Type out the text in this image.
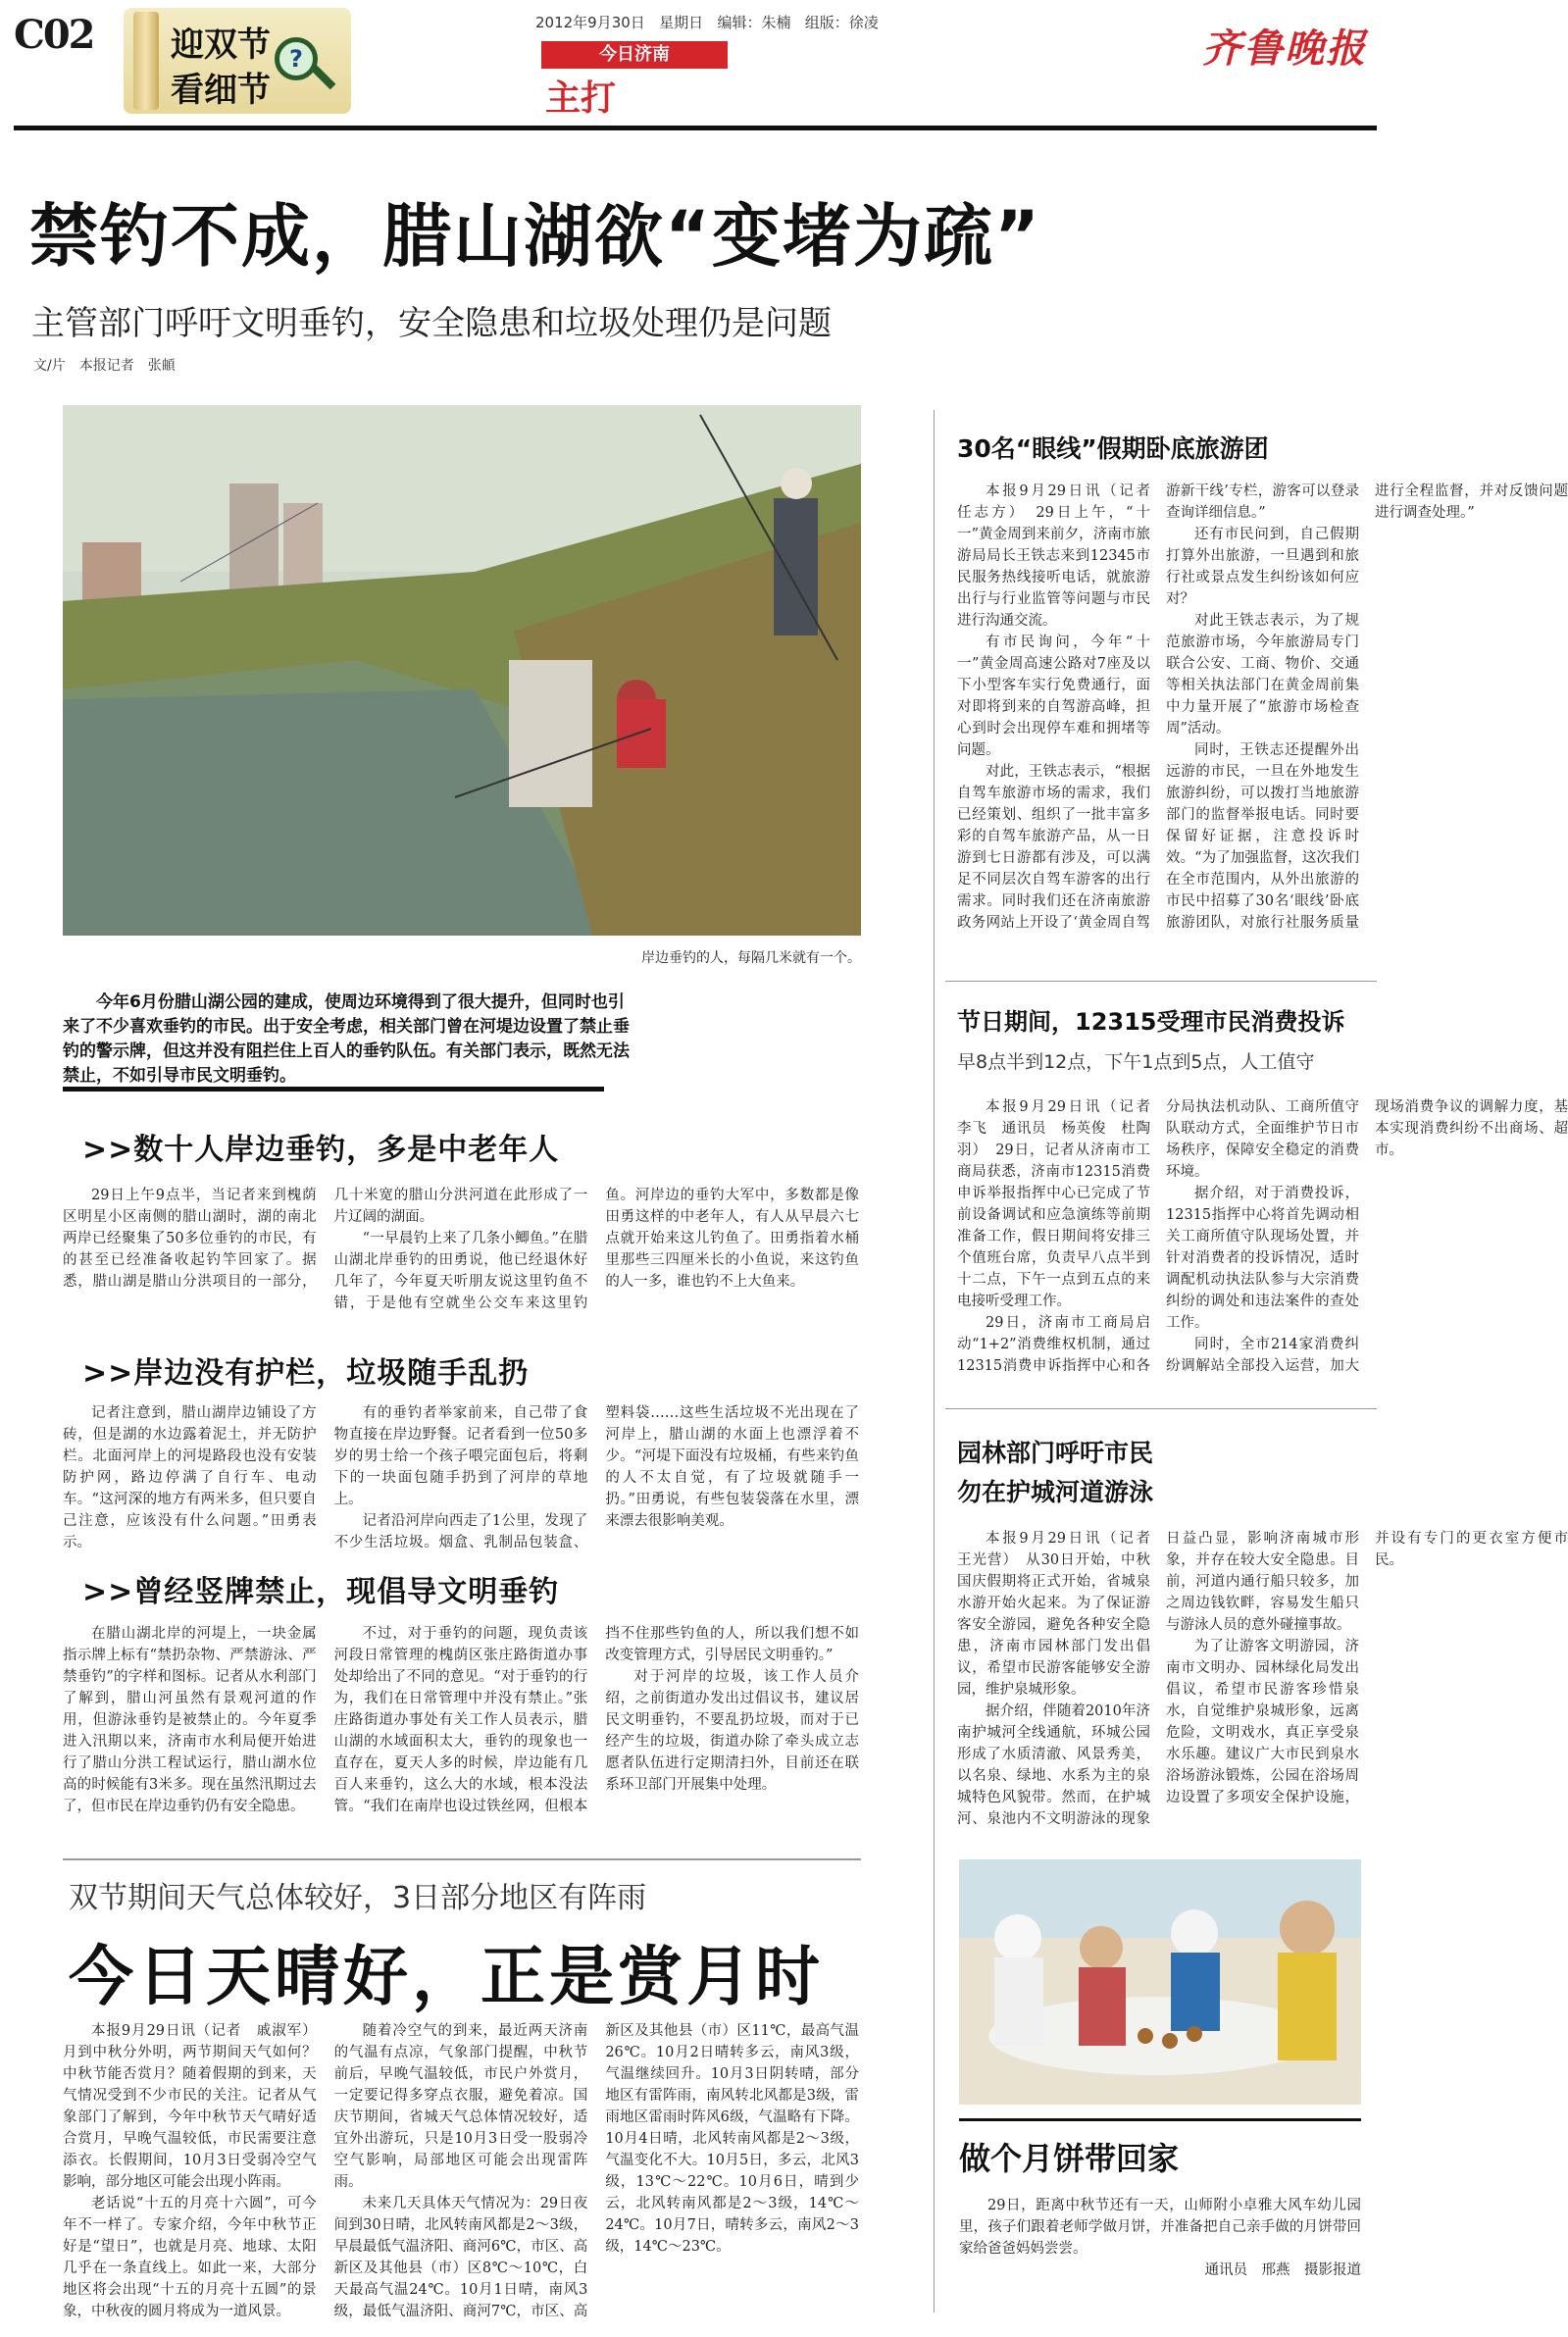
C02
?
迎双节
看细节
2012年9月30日 星期日 编辑：朱楠 组版：徐凌
今日济南
主打
齐鲁晚报
禁钓不成，腊山湖欲“变堵为疏”
主管部门呼吁文明垂钓，安全隐患和垃圾处理仍是问题
文/片　本报记者　张頔
岸边垂钓的人，每隔几米就有一个。
今年6月份腊山湖公园的建成，使周边环境得到了很大提升，但同时也引来了不少喜欢垂钓的市民。出于安全考虑，相关部门曾在河堤边设置了禁止垂钓的警示牌，但这并没有阻拦住上百人的垂钓队伍。有关部门表示，既然无法禁止，不如引导市民文明垂钓。
>>数十人岸边垂钓，多是中老年人

29日上午9点半，当记者来到槐荫区明星小区南侧的腊山湖时，湖的南北两岸已经聚集了50多位垂钓的市民，有的甚至已经准备收起钓竿回家了。据悉，腊山湖是腊山分洪项目的一部分，几十米宽的腊山分洪河道在此形成了一片辽阔的湖面。

“一早晨钓上来了几条小鲫鱼。”在腊山湖北岸垂钓的田勇说，他已经退休好几年了，今年夏天听朋友说这里钓鱼不错，于是他有空就坐公交车来这里钓鱼。河岸边的垂钓大军中，多数都是像田勇这样的中老年人，有人从早晨六七点就开始来这儿钓鱼了。田勇指着水桶里那些三四厘米长的小鱼说，来这钓鱼的人一多，谁也钓不上大鱼来。

>>岸边没有护栏，垃圾随手乱扔

记者注意到，腊山湖岸边铺设了方砖，但是湖的水边露着泥土，并无防护栏。北面河岸上的河堤路段也没有安装防护网，路边停满了自行车、电动车。“这河深的地方有两米多，但只要自己注意，应该没有什么问题。”田勇表示。

有的垂钓者举家前来，自己带了食物直接在岸边野餐。记者看到一位50多岁的男士给一个孩子喂完面包后，将剩下的一块面包随手扔到了河岸的草地上。

记者沿河岸向西走了1公里，发现了不少生活垃圾。烟盒、乳制品包装盒、塑料袋……这些生活垃圾不光出现在了河岸上，腊山湖的水面上也漂浮着不少。“河堤下面没有垃圾桶，有些来钓鱼的人不太自觉，有了垃圾就随手一扔。”田勇说，有些包装袋落在水里，漂来漂去很影响美观。

>>曾经竖牌禁止，现倡导文明垂钓

在腊山湖北岸的河堤上，一块金属指示牌上标有“禁扔杂物、严禁游泳、严禁垂钓”的字样和图标。记者从水利部门了解到，腊山河虽然有景观河道的作用，但游泳垂钓是被禁止的。今年夏季进入汛期以来，济南市水利局便开始进行了腊山分洪工程试运行，腊山湖水位高的时候能有3米多。现在虽然汛期过去了，但市民在岸边垂钓仍有安全隐患。

不过，对于垂钓的问题，现负责该河段日常管理的槐荫区张庄路街道办事处却给出了不同的意见。“对于垂钓的行为，我们在日常管理中并没有禁止。”张庄路街道办事处有关工作人员表示，腊山湖的水域面积太大，垂钓的现象也一直存在，夏天人多的时候，岸边能有几百人来垂钓，这么大的水域，根本没法管。“我们在南岸也设过铁丝网，但根本挡不住那些钓鱼的人，所以我们想不如改变管理方式，引导居民文明垂钓。”

对于河岸的垃圾，该工作人员介绍，之前街道办发出过倡议书，建议居民文明垂钓，不要乱扔垃圾，而对于已经产生的垃圾，街道办除了牵头成立志愿者队伍进行定期清扫外，目前还在联系环卫部门开展集中处理。

双节期间天气总体较好，3日部分地区有阵雨
今日天晴好，正是赏月时

本报9月29日讯（记者　戚淑军）月到中秋分外明，两节期间天气如何？中秋节能否赏月？随着假期的到来，天气情况受到不少市民的关注。记者从气象部门了解到，今年中秋节天气晴好适合赏月，早晚气温较低，市民需要注意添衣。长假期间，10月3日受弱冷空气影响，部分地区可能会出现小阵雨。

老话说“十五的月亮十六圆”，可今年不一样了。专家介绍，今年中秋节正好是“望日”，也就是月亮、地球、太阳几乎在一条直线上。如此一来，大部分地区将会出现“十五的月亮十五圆”的景象，中秋夜的圆月将成为一道风景。

随着冷空气的到来，最近两天济南的气温有点凉，气象部门提醒，中秋节前后，早晚气温较低，市民户外赏月，一定要记得多穿点衣服，避免着凉。国庆节期间，省城天气总体情况较好，适宜外出游玩，只是10月3日受一股弱冷空气影响，局部地区可能会出现雷阵雨。

未来几天具体天气情况为：29日夜间到30日晴，北风转南风都是2～3级，早晨最低气温济阳、商河6℃，市区、高新区及其他县（市）区8℃～10℃，白天最高气温24℃。10月1日晴，南风3级，最低气温济阳、商河7℃，市区、高新区及其他县（市）区11℃，最高气温26℃。10月2日晴转多云，南风3级，气温继续回升。10月3日阴转晴，部分地区有雷阵雨，南风转北风都是3级，雷雨地区雷雨时阵风6级，气温略有下降。10月4日晴，北风转南风都是2～3级，气温变化不大。10月5日，多云，北风3级，13℃～22℃。10月6日，晴到少云，北风转南风都是2～3级，14℃～24℃。10月7日，晴转多云，南风2～3级，14℃～23℃。

30名“眼线”假期卧底旅游团

本报9月29日讯（记者　任志方）　29日上午，“十一”黄金周到来前夕，济南市旅游局局长王铁志来到12345市民服务热线接听电话，就旅游出行与行业监管等问题与市民进行沟通交流。

有市民询问，今年“十一”黄金周高速公路对7座及以下小型客车实行免费通行，面对即将到来的自驾游高峰，担心到时会出现停车难和拥堵等问题。

对此，王铁志表示，“根据自驾车旅游市场的需求，我们已经策划、组织了一批丰富多彩的自驾车旅游产品，从一日游到七日游都有涉及，可以满足不同层次自驾车游客的出行需求。同时我们还在济南旅游政务网站上开设了‘黄金周自驾游新干线’专栏，游客可以登录查询详细信息。”

还有市民问到，自己假期打算外出旅游，一旦遇到和旅行社或景点发生纠纷该如何应对？

对此王铁志表示，为了规范旅游市场，今年旅游局专门联合公安、工商、物价、交通等相关执法部门在黄金周前集中力量开展了“旅游市场检查周”活动。

同时，王铁志还提醒外出远游的市民，一旦在外地发生旅游纠纷，可以拨打当地旅游部门的监督举报电话。同时要保留好证据，注意投诉时效。“为了加强监督，这次我们在全市范围内，从外出旅游的市民中招募了30名‘眼线’卧底旅游团队，对旅行社服务质量进行全程监督，并对反馈问题进行调查处理。”

节日期间，12315受理市民消费投诉
早8点半到12点，下午1点到5点，人工值守

本报9月29日讯（记者　李飞　通讯员　杨英俊　杜陶羽）　29日，记者从济南市工商局获悉，济南市12315消费申诉举报指挥中心已完成了节前设备调试和应急演练等前期准备工作，假日期间将安排三个值班台席，负责早八点半到十二点，下午一点到五点的来电接听受理工作。

29日，济南市工商局启动“1+2”消费维权机制，通过12315消费申诉指挥中心和各分局执法机动队、工商所值守队联动方式，全面维护节日市场秩序，保障安全稳定的消费环境。

据介绍，对于消费投诉，12315指挥中心将首先调动相关工商所值守队现场处置，并针对消费者的投诉情况，适时调配机动执法队参与大宗消费纠纷的调处和违法案件的查处工作。

同时，全市214家消费纠纷调解站全部投入运营，加大现场消费争议的调解力度，基本实现消费纠纷不出商场、超市。

园林部门呼吁市民勿在护城河道游泳

本报9月29日讯（记者　王光营）　从30日开始，中秋国庆假期将正式开始，省城泉水游开始火起来。为了保证游客安全游园，避免各种安全隐患，济南市园林部门发出倡议，希望市民游客能够安全游园，维护泉城形象。

据介绍，伴随着2010年济南护城河全线通航，环城公园形成了水质清澈、风景秀美，以名泉、绿地、水系为主的泉城特色风貌带。然而，在护城河、泉池内不文明游泳的现象日益凸显，影响济南城市形象，并存在较大安全隐患。目前，河道内通行船只较多，加之周边钱钦畔，容易发生船只与游泳人员的意外碰撞事故。

为了让游客文明游园，济南市文明办、园林绿化局发出倡议，希望市民游客珍惜泉水，自觉维护泉城形象，远离危险，文明戏水，真正享受泉水乐趣。建议广大市民到泉水浴场游泳锻炼，公园在浴场周边设置了多项安全保护设施，并设有专门的更衣室方便市民。

做个月饼带回家

29日，距离中秋节还有一天，山师附小卓雅大风车幼儿园里，孩子们跟着老师学做月饼，并准备把自己亲手做的月饼带回家给爸爸妈妈尝尝。

通讯员　邢燕　摄影报道
